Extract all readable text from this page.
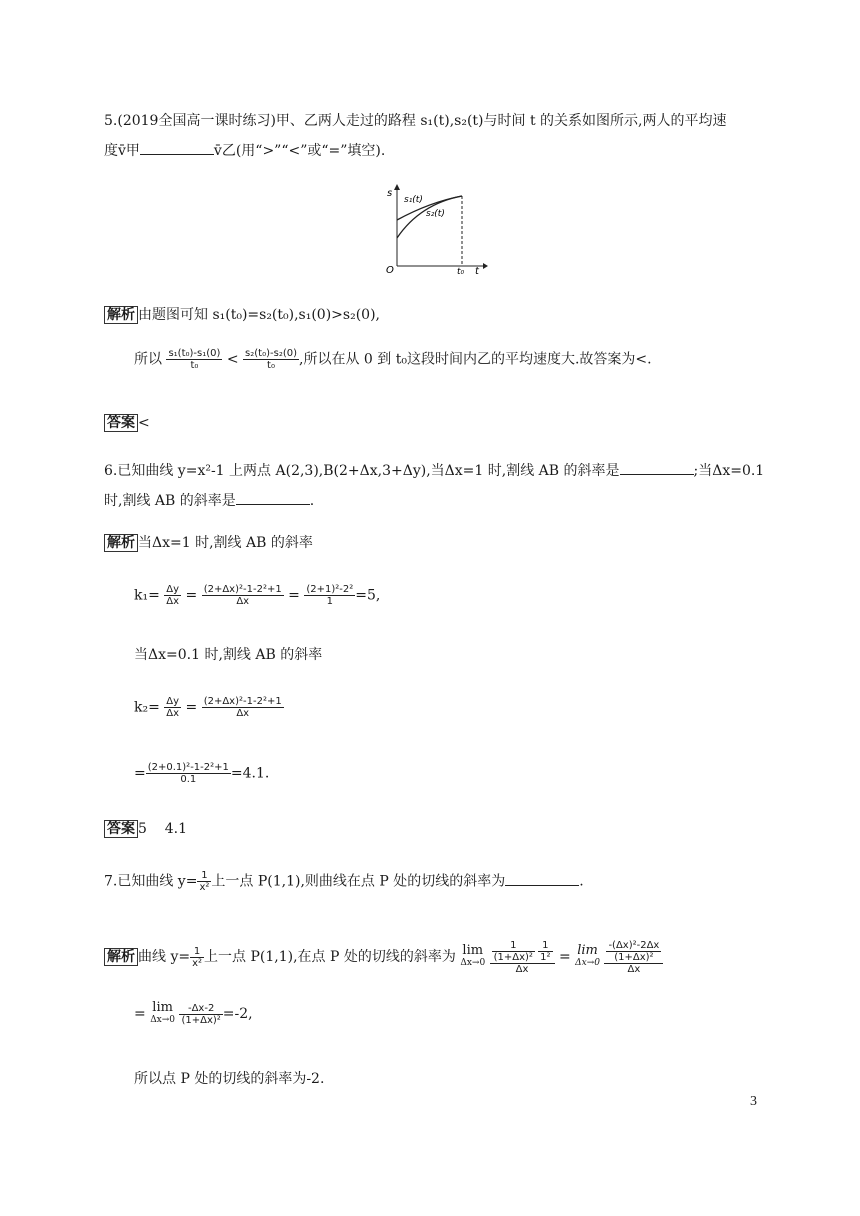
5.(2019全国高一课时练习)甲、乙两人走过的路程 s₁(t),s₂(t)与时间 t 的关系如图所示,两人的平均速
度v̄甲	v̄乙(用“>”“<”或“=”填空).
s
s₁(t)
s₂(t)
O	t₀ t
解析 由题图可知 s₁(t₀)=s₂(t₀),s₁(0)>s₂(0),
所以 $\frac{\text{s₁(t₀)-s₁(0)}}{\text{t₀}} < \frac{\text{s₂(t₀)-s₂(0)}}{\text{t₀}}$ ,所以在从 0 到 t₀这段时间内乙的平均速度大.故答案为<.
答案 <
6.已知曲线 y=x²-1 上两点 A(2,3),B(2+Δx,3+Δy),当Δx=1 时,割线 AB 的斜率是	;当Δx=0.1
时,割线 AB 的斜率是	.
解析 当Δx=1 时,割线 AB 的斜率
$k_1= \frac{\Delta y}{\Delta x} = \frac{\text{(2+Δx)²-1-2²+1}}{\Delta x} = \frac{\text{(2+1)²-2²}}{1} =5$,
当Δx=0.1 时,割线 AB 的斜率
$k_2= \frac{\Delta y}{\Delta x} = \frac{\text{(2+Δx)²-1-2²+1}}{\Delta x}$
= $\frac{\text{(2+0.1)²-1-2²+1}}{0.1} =4.1$.
答案 5    4.1
7.已知曲线 $y= \frac{1}{\text{x²}}$ 上一点 P(1,1),则曲线在点 P 处的切线的斜率为	.
解析 曲线 $y= \frac{1}{\text{x²}}$ 上一点 P(1,1),在点 P 处的切线的斜率为 lim
Δx→0
$\frac{1}{\text{(1+Δx)²}}$
$\frac{1}{\text{1²}}$
Δx = lim
Δx→0
$\frac{\frac{\text{-(Δx)²-2Δx}}{\text{(1+Δx)²}}}{\Delta x}$
= lim
Δx→0
$\frac{-\Delta x-2}{\text{(1+Δx)²}} =-2$,
所以点 P 处的切线的斜率为-2.
3
